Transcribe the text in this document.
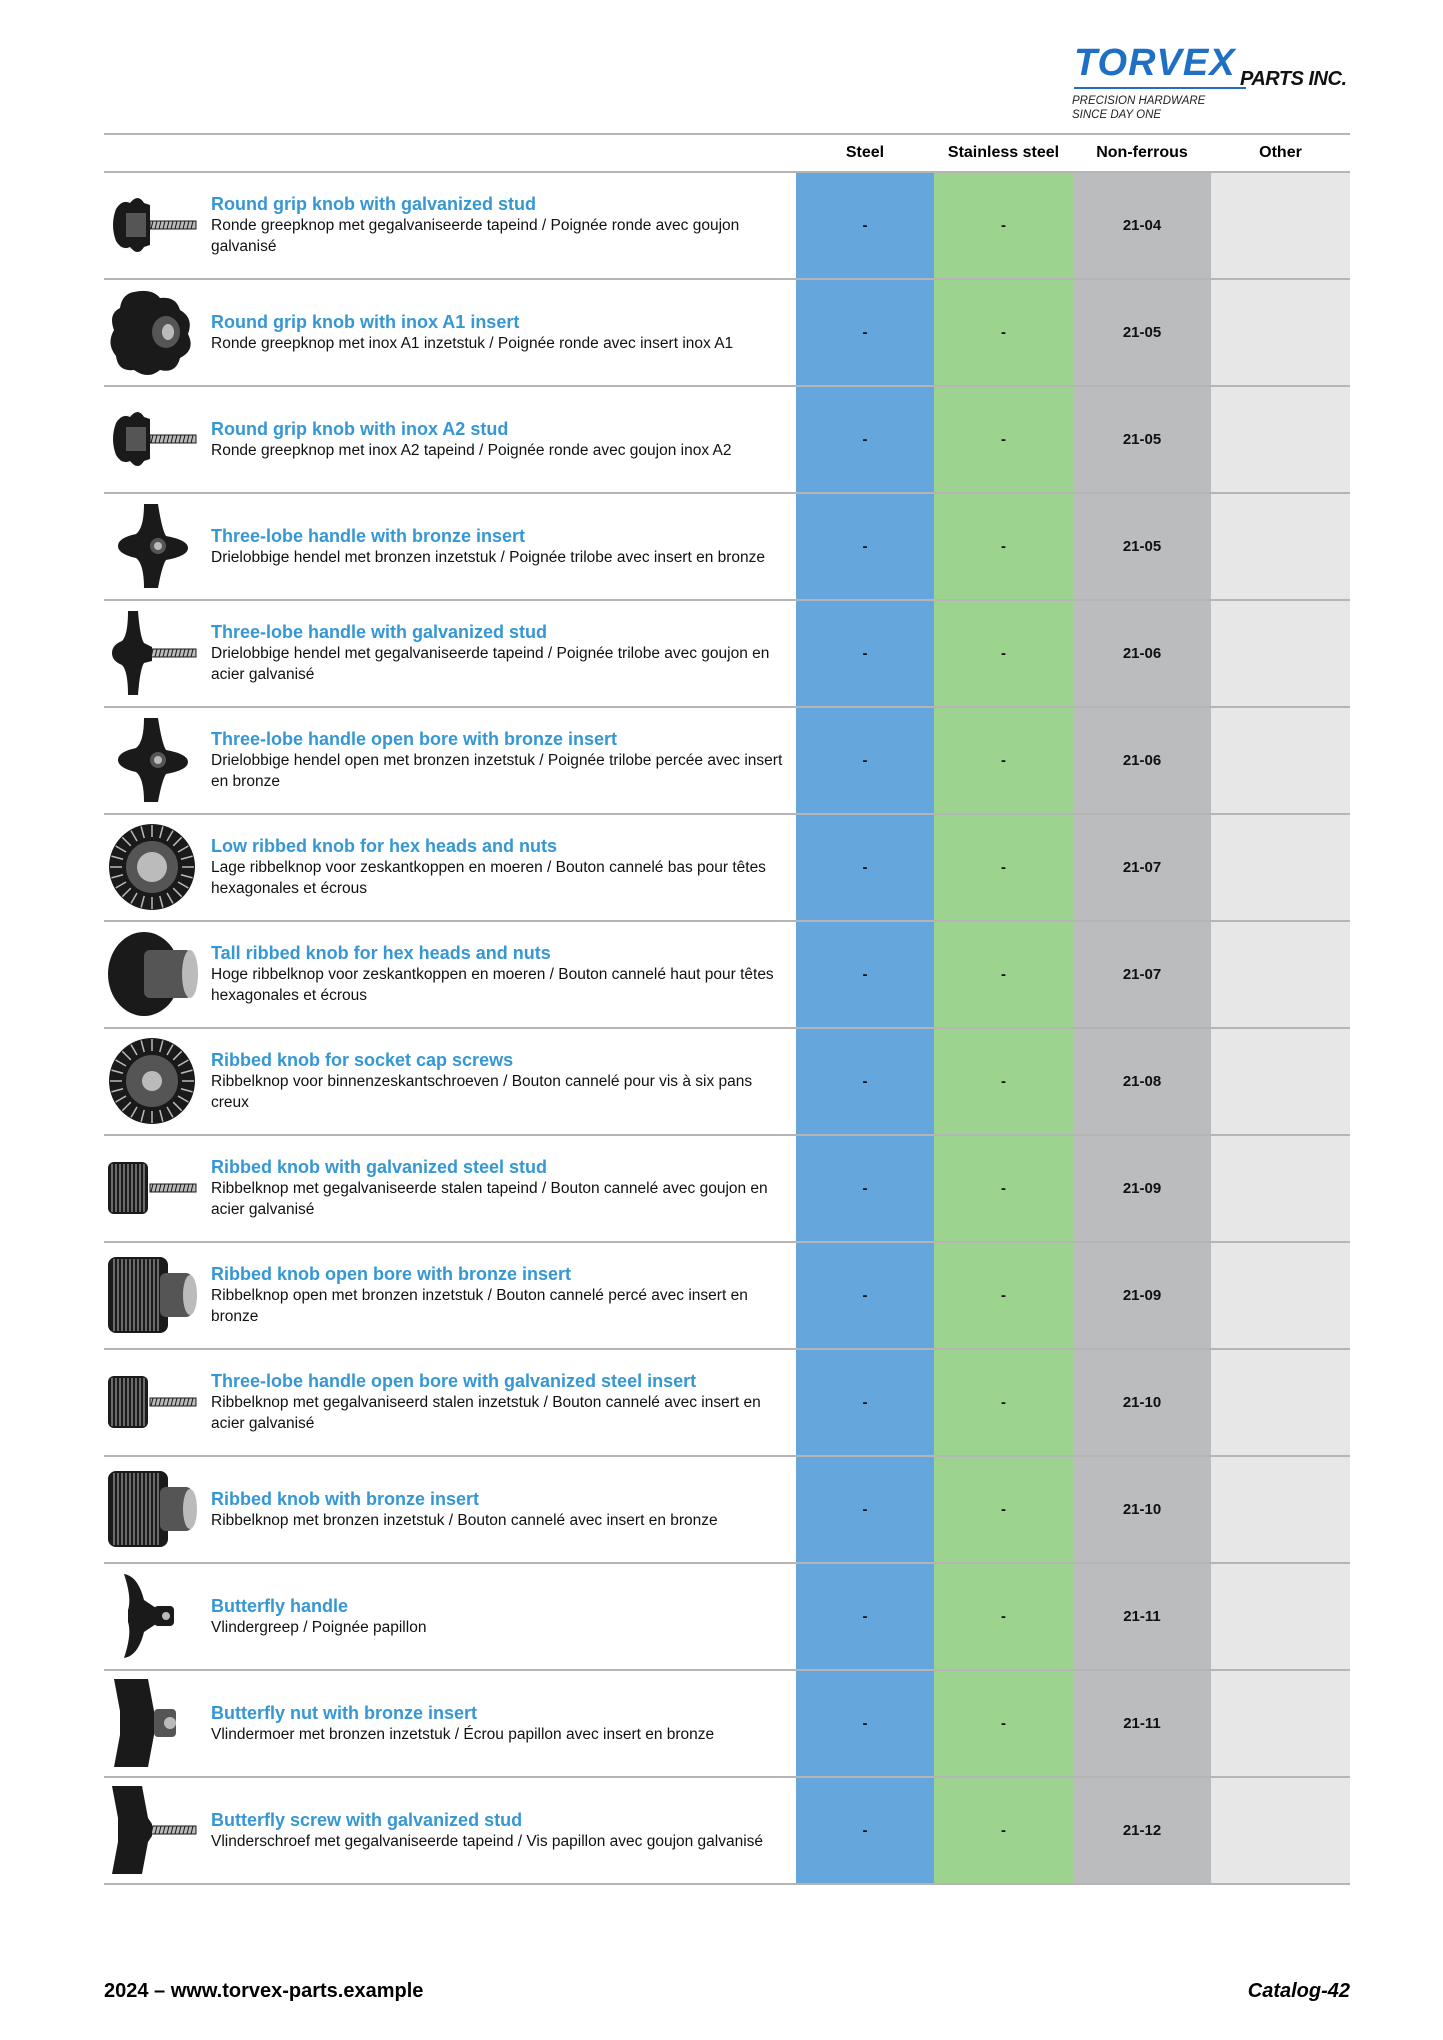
TORVEX PARTS INC.
PRECISION HARDWARE
SINCE DAY ONE
Steel	Stainless steel	Non-ferrous	Other
Round grip knob with galvanized stud
Ronde greepknop met gegalvaniseerde tapeind / Poignée ronde avec goujon galvanisé
-	-	21-04
Round grip knob with inox A1 insert
Ronde greepknop met inox A1 inzetstuk / Poignée ronde avec insert inox A1
-	-	21-05
Round grip knob with inox A2 stud
Ronde greepknop met inox A2 tapeind / Poignée ronde avec goujon inox A2
-	-	21-05
Three-lobe handle with bronze insert
Drielobbige hendel met bronzen inzetstuk / Poignée trilobe avec insert en bronze
-	-	21-05
Three-lobe handle with galvanized stud
Drielobbige hendel met gegalvaniseerde tapeind / Poignée trilobe avec goujon en acier galvanisé
-	-	21-06
Three-lobe handle open bore with bronze insert
Drielobbige hendel open met bronzen inzetstuk / Poignée trilobe percée avec insert en bronze
-	-	21-06
Low ribbed knob for hex heads and nuts
Lage ribbelknop voor zeskantkoppen en moeren / Bouton cannelé bas pour têtes hexagonales et écrous
-	-	21-07
Tall ribbed knob for hex heads and nuts
Hoge ribbelknop voor zeskantkoppen en moeren / Bouton cannelé haut pour têtes hexagonales et écrous
-	-	21-07
Ribbed knob for socket cap screws
Ribbelknop voor binnenzeskantschroeven / Bouton cannelé pour vis à six pans creux
-	-	21-08
Ribbed knob with galvanized steel stud
Ribbelknop met gegalvaniseerde stalen tapeind / Bouton cannelé avec goujon en acier galvanisé
-	-	21-09
Ribbed knob open bore with bronze insert
Ribbelknop open met bronzen inzetstuk / Bouton cannelé percé avec insert en bronze
-	-	21-09
Three-lobe handle open bore with galvanized steel insert
Ribbelknop met gegalvaniseerd stalen inzetstuk / Bouton cannelé avec insert en acier galvanisé
-	-	21-10
Ribbed knob with bronze insert
Ribbelknop met bronzen inzetstuk / Bouton cannelé avec insert en bronze
-	-	21-10
Butterfly handle
Vlindergreep / Poignée papillon
-	-	21-11
Butterfly nut with bronze insert
Vlindermoer met bronzen inzetstuk / Écrou papillon avec insert en bronze
-	-	21-11
Butterfly screw with galvanized stud
Vlinderschroef met gegalvaniseerde tapeind / Vis papillon avec goujon galvanisé
-	-	21-12
2024 – www.torvex-parts.example	Catalog-42
